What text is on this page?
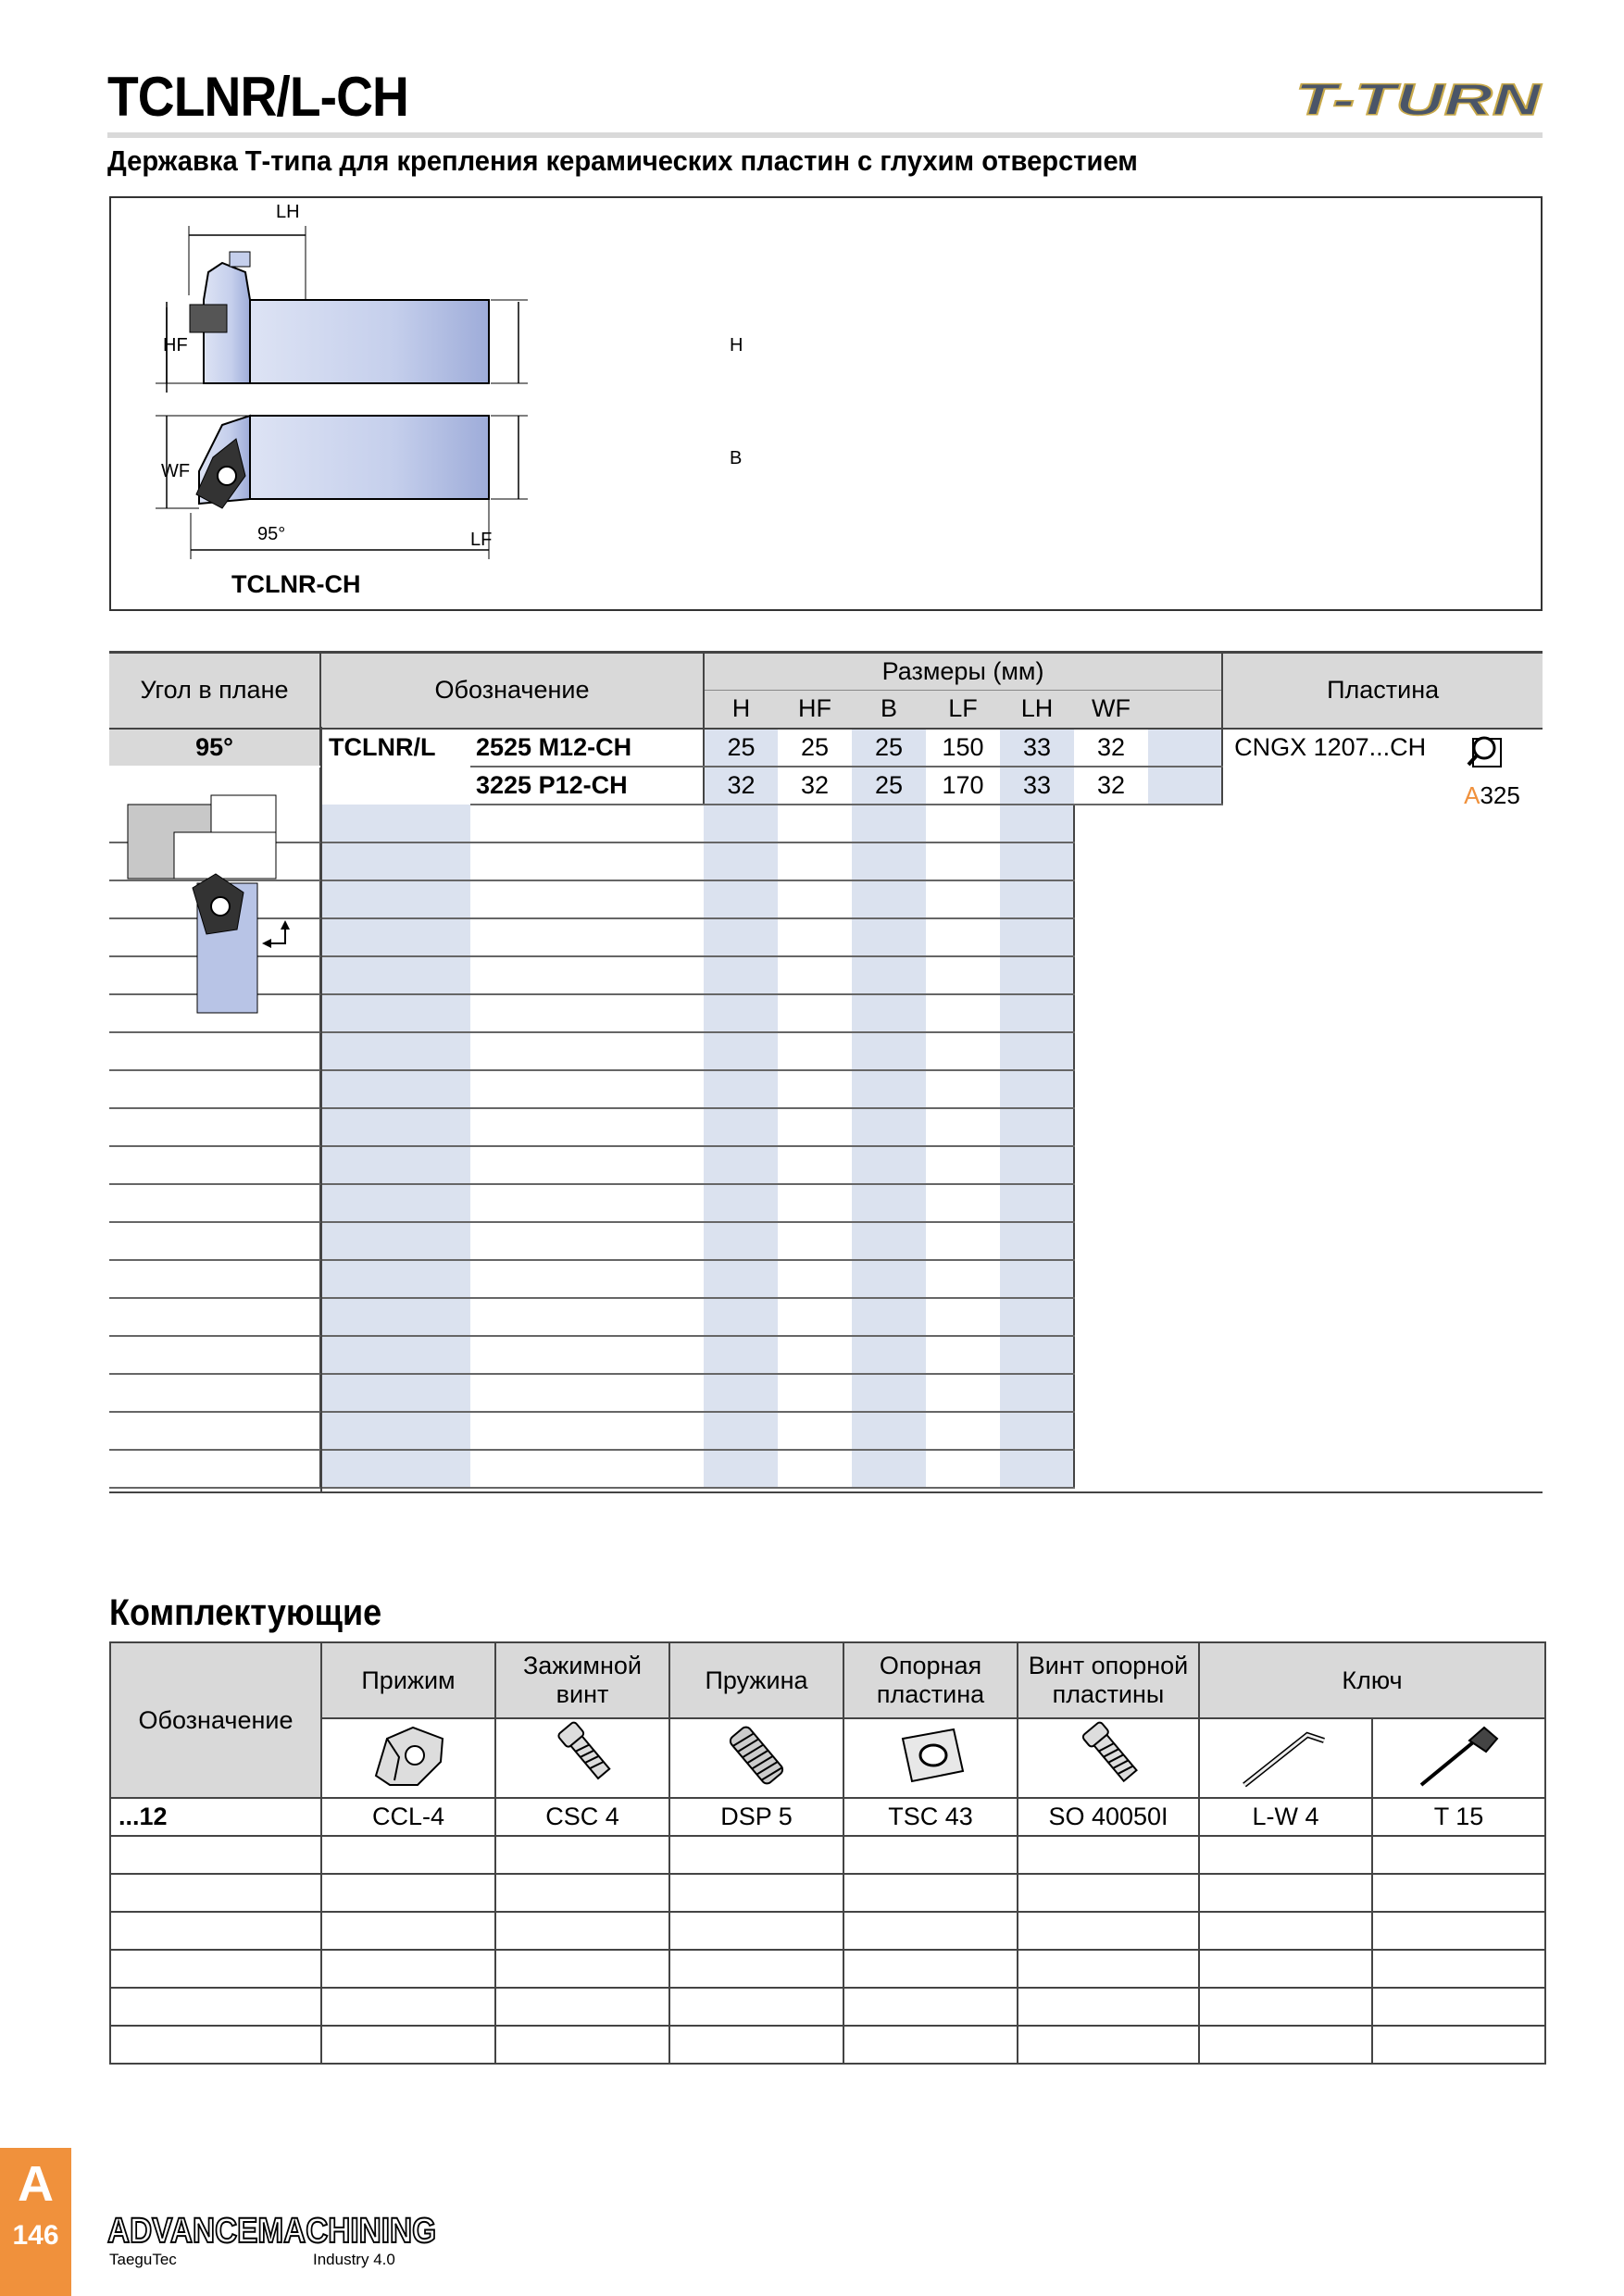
TCLNR/L-CH
Державка Т-типа для крепления керамических пластин с глухим отверстием
T-TURN
LH
HF	H
WF
B
95°	LF
TCLNR-CH
Угол в плане	Обозначение		Размеры (мм)							Пластина
			H	HF	B	LF	LH	WF		
95°	TCLNR/L	2525 M12-CH	25	25	25	150	33	32		CNGX 1207...CH
A325

		3225 P12-CH	32	32	25	170	33	32		

Комплектующие
Обозначение	Прижим	Зажимной винт	Пружина	Опорная пластина	Винт опорной пластины	Ключ	

...12	CCL-4	CSC 4	DSP 5	TSC 43	SO 40050I	L-W 4	T 15

A
146	ADVANCEMACHINING
TaeguTec	Industry 4.0
